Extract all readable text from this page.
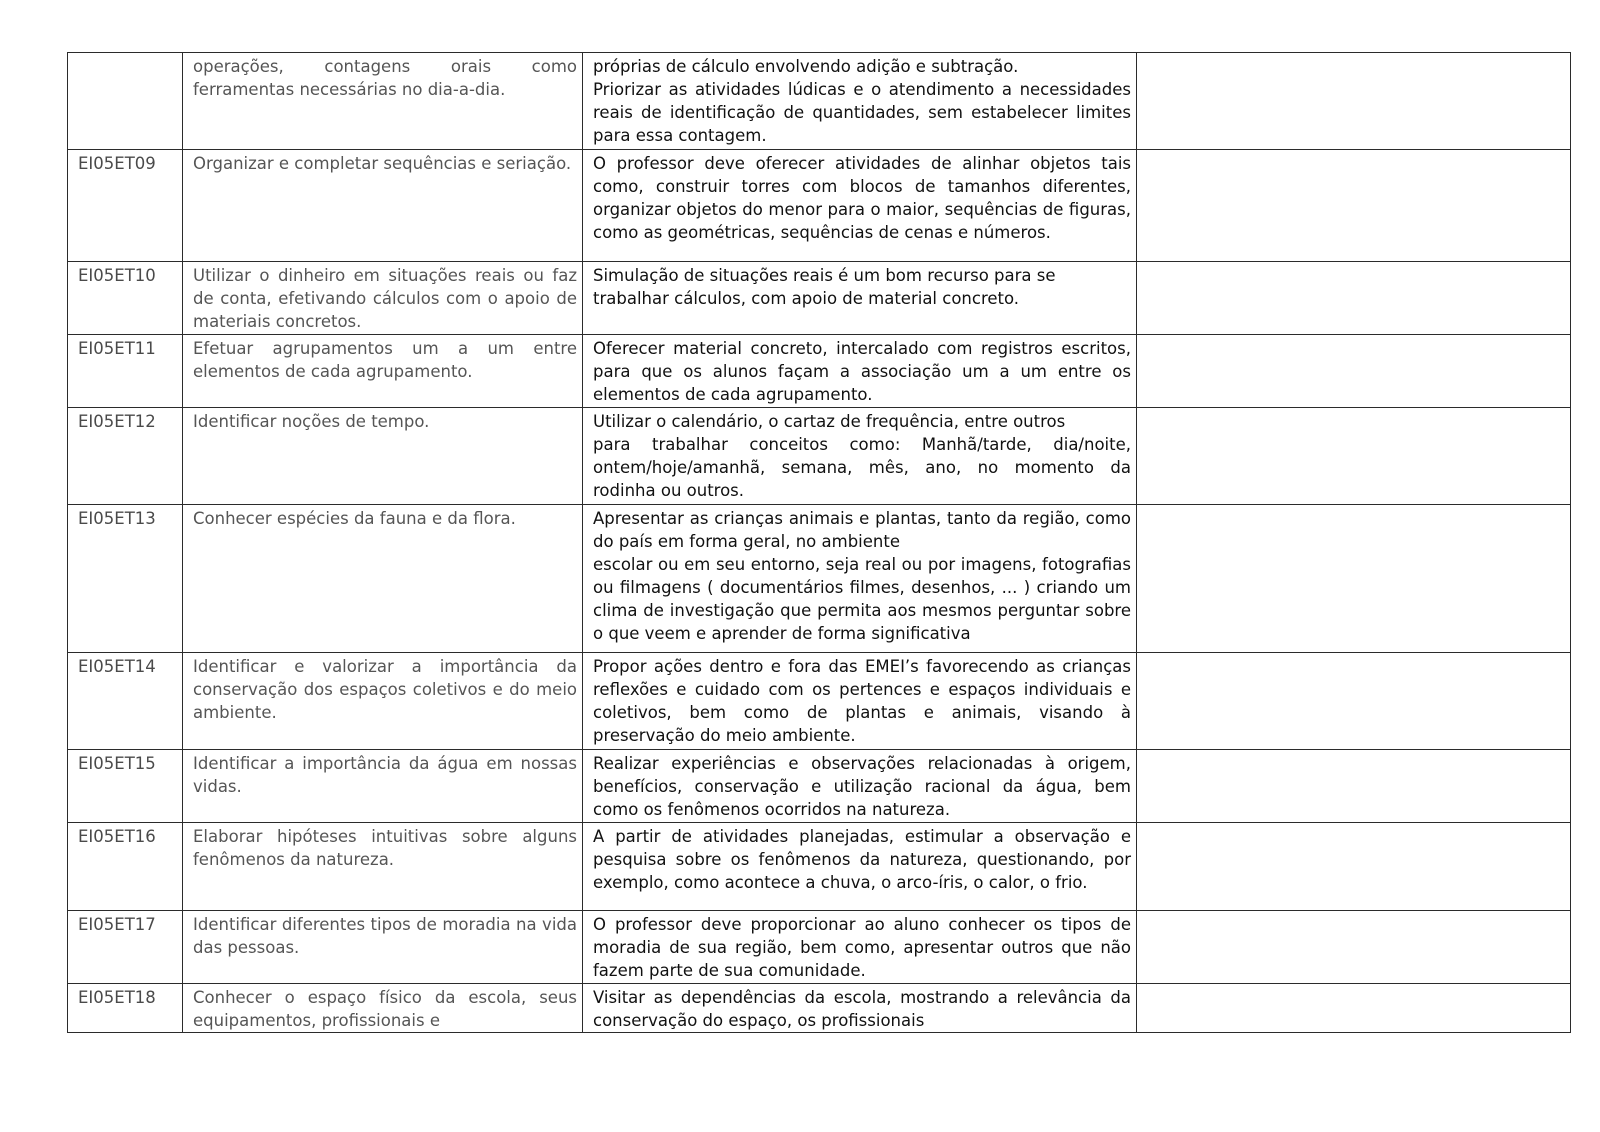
	operações, contagens orais como ferramentas necessárias no dia-a-dia.	próprias de cálculo envolvendo adição e subtração.
Priorizar as atividades lúdicas e o atendimento a necessidades reais de identificação de quantidades, sem estabelecer limites para essa contagem.	
EI05ET09	Organizar e completar sequências e seriação.	O professor deve oferecer atividades de alinhar objetos tais como, construir torres com blocos de tamanhos diferentes, organizar objetos do menor para o maior, sequências de figuras, como as geométricas, sequências de cenas e números.	
EI05ET10	Utilizar o dinheiro em situações reais ou faz de conta, efetivando cálculos com o apoio de materiais concretos.	Simulação de situações reais é um bom recurso para se
trabalhar cálculos, com apoio de material concreto.	
EI05ET11	Efetuar agrupamentos um a um entre elementos de cada agrupamento.	Oferecer material concreto, intercalado com registros escritos, para que os alunos façam a associação um a um entre os elementos de cada agrupamento.	
EI05ET12	Identificar noções de tempo.	Utilizar o calendário, o cartaz de frequência, entre outros
para trabalhar conceitos como: Manhã/tarde, dia/noite, ontem/hoje/amanhã, semana, mês, ano, no momento da rodinha ou outros.	
EI05ET13	Conhecer espécies da fauna e da flora.	Apresentar as crianças animais e plantas, tanto da região, como do país em forma geral, no ambiente
escolar ou em seu entorno, seja real ou por imagens, fotografias ou filmagens ( documentários filmes, desenhos, ... ) criando um clima de investigação que permita aos mesmos perguntar sobre o que veem e aprender de forma significativa	
EI05ET14	Identificar e valorizar a importância da conservação dos espaços coletivos e do meio ambiente.	Propor ações dentro e fora das EMEI’s favorecendo as crianças reflexões e cuidado com os pertences e espaços individuais e coletivos, bem como de plantas e animais, visando à preservação do meio ambiente.	
EI05ET15	Identificar a importância da água em nossas vidas.	Realizar experiências e observações relacionadas à origem, benefícios, conservação e utilização racional da água, bem como os fenômenos ocorridos na natureza.	
EI05ET16	Elaborar hipóteses intuitivas sobre alguns fenômenos da natureza.	A partir de atividades planejadas, estimular a observação e pesquisa sobre os fenômenos da natureza, questionando, por exemplo, como acontece a chuva, o arco-íris, o calor, o frio.	
EI05ET17	Identificar diferentes tipos de moradia na vida das pessoas.	O professor deve proporcionar ao aluno conhecer os tipos de moradia de sua região, bem como, apresentar outros que não fazem parte de sua comunidade.	
EI05ET18	Conhecer o espaço físico da escola, seus equipamentos, profissionais e	Visitar as dependências da escola, mostrando a relevância da conservação do espaço, os profissionais	
